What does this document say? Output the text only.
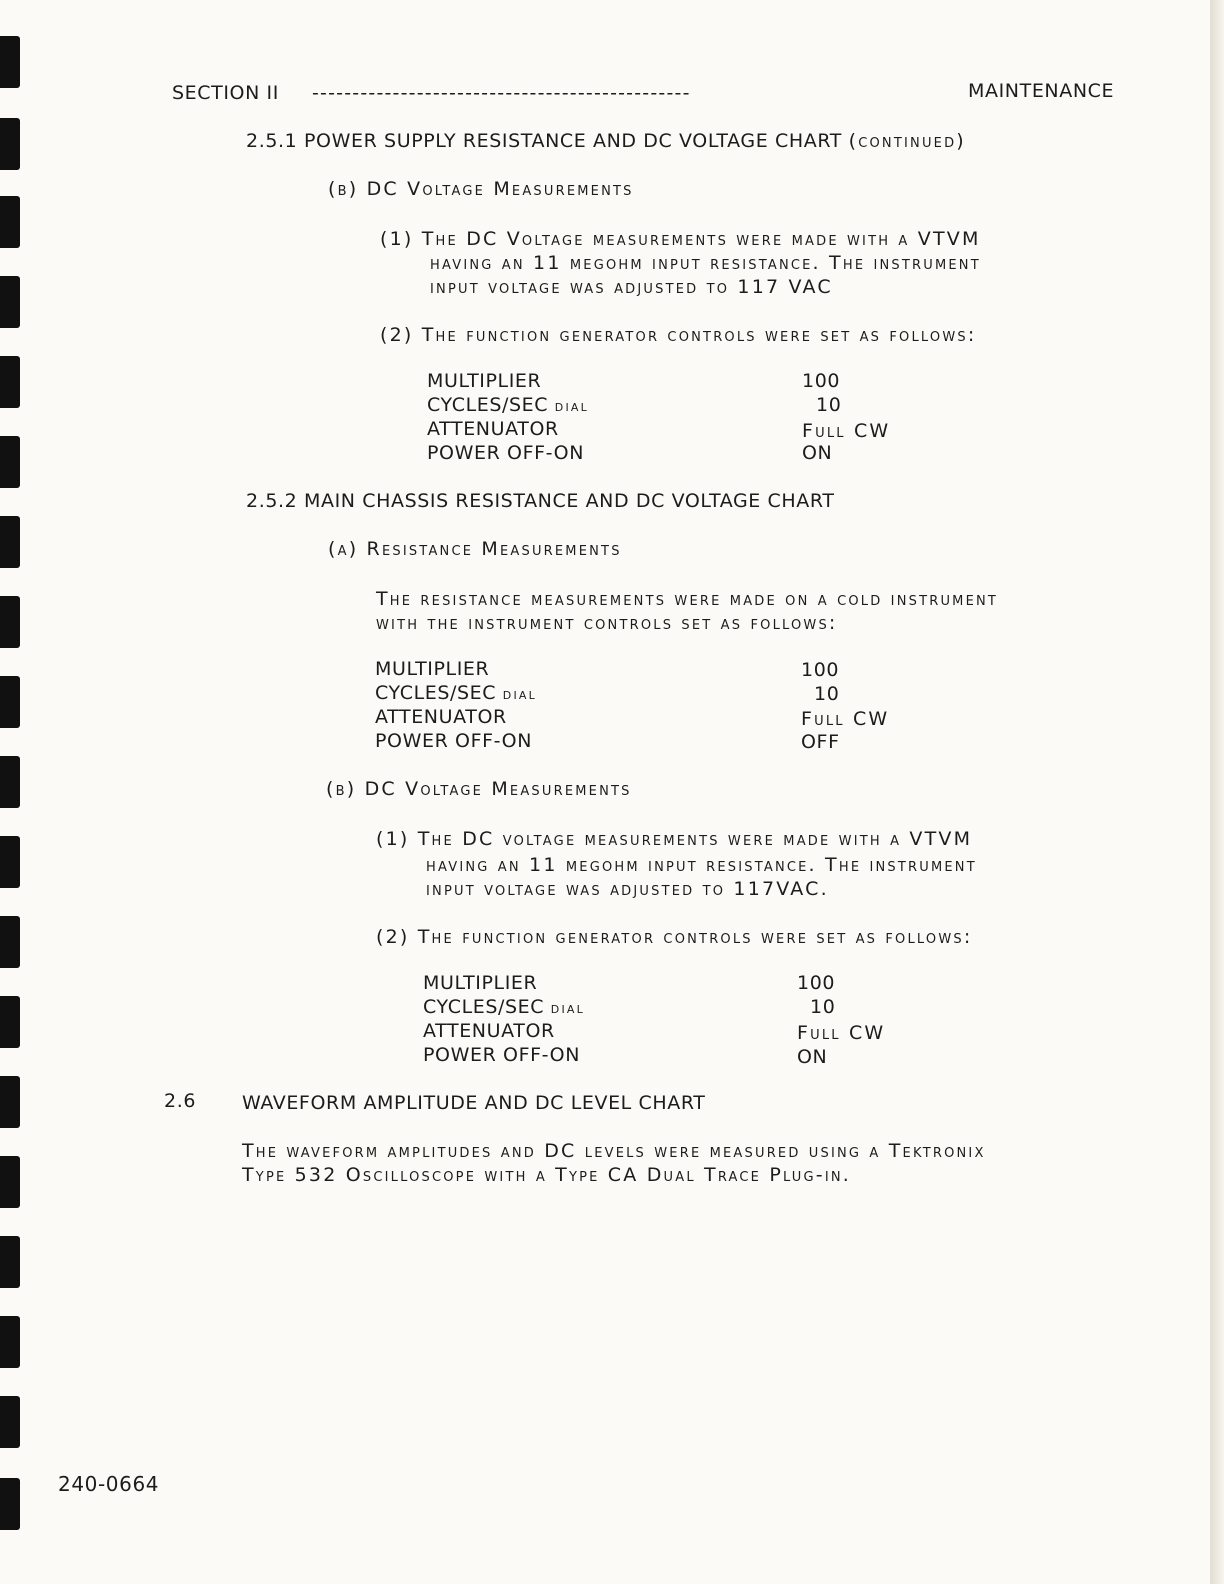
SECTION II -----------------------------------------------	MAINTENANCE
2.5.1 POWER SUPPLY RESISTANCE AND DC VOLTAGE CHART (continued)
(b) DC Voltage Measurements
(1) The DC Voltage measurements were made with a VTVM
having an 11 megohm input resistance. The instrument
input voltage was adjusted to 117 VAC
(2) The function generator controls were set as follows:
MULTIPLIER	100
CYCLES/SEC dial	10
ATTENUATOR	Full CW
POWER OFF-ON	ON
2.5.2 MAIN CHASSIS RESISTANCE AND DC VOLTAGE CHART
(a) Resistance Measurements
The resistance measurements were made on a cold instrument
with the instrument controls set as follows:
MULTIPLIER	100
CYCLES/SEC dial	10
ATTENUATOR	Full CW
POWER OFF-ON	OFF
(b) DC Voltage Measurements
(1) The DC voltage measurements were made with a VTVM
having an 11 megohm input resistance. The instrument
input voltage was adjusted to 117VAC.
(2) The function generator controls were set as follows:
MULTIPLIER	100
CYCLES/SEC dial	10
ATTENUATOR	Full CW
POWER OFF-ON	ON
2.6 WAVEFORM AMPLITUDE AND DC LEVEL CHART
The waveform amplitudes and DC levels were measured using a Tektronix
Type 532 Oscilloscope with a Type CA Dual Trace Plug-in.
240-0664
